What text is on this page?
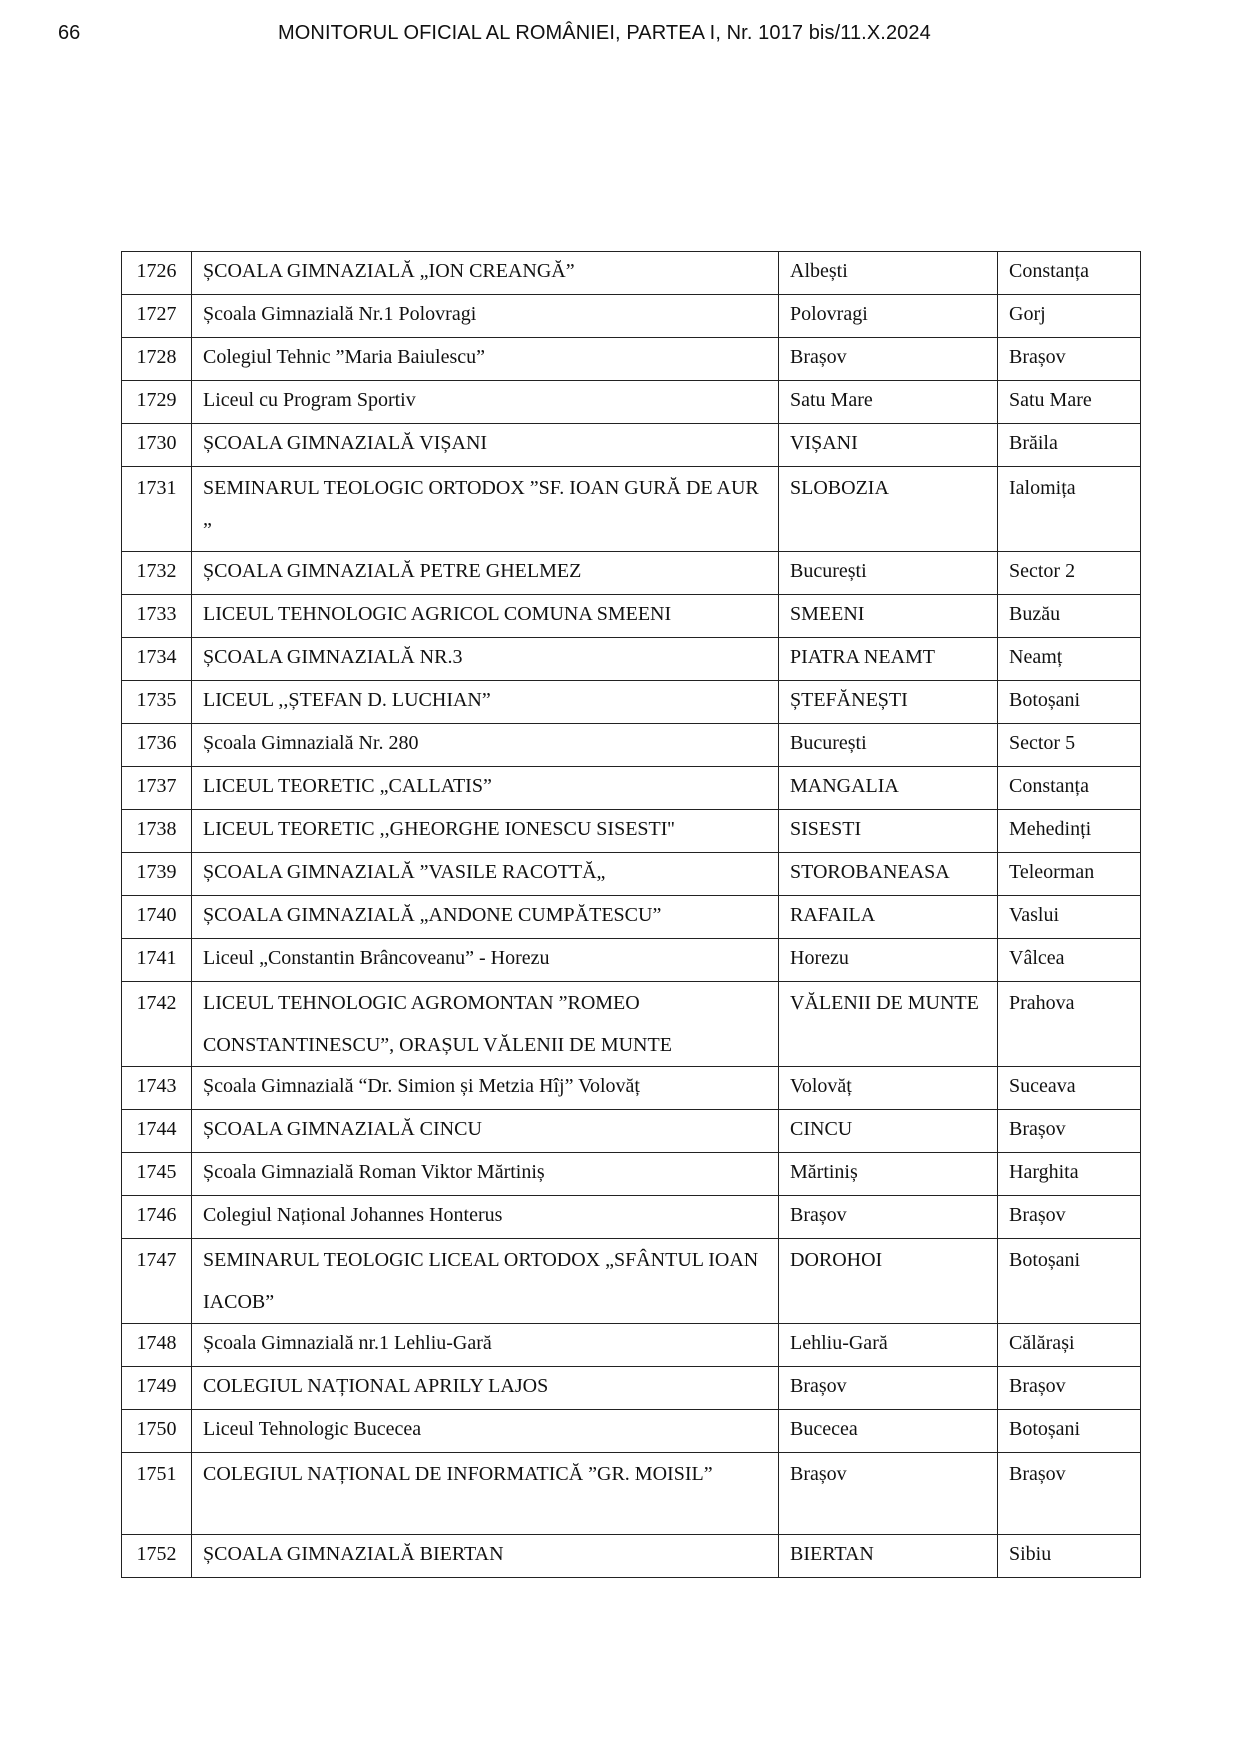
66	MONITORUL OFICIAL AL ROMÂNIEI, PARTEA I, Nr. 1017 bis/11.X.2024
1726	ȘCOALA GIMNAZIALĂ „ION CREANGĂ”	Albești	Constanța
1727	Școala Gimnazială Nr.1 Polovragi	Polovragi	Gorj
1728	Colegiul Tehnic ”Maria Baiulescu”	Brașov	Brașov
1729	Liceul cu Program Sportiv	Satu Mare	Satu Mare
1730	ȘCOALA GIMNAZIALĂ VIȘANI	VIȘANI	Brăila
1731	SEMINARUL TEOLOGIC ORTODOX ”SF. IOAN GURĂ DE AUR ”	SLOBOZIA	Ialomița
1732	ȘCOALA GIMNAZIALĂ PETRE GHELMEZ	București	Sector 2
1733	LICEUL TEHNOLOGIC AGRICOL COMUNA SMEENI	SMEENI	Buzău
1734	ȘCOALA GIMNAZIALĂ NR.3	PIATRA NEAMT	Neamț
1735	LICEUL ,,ȘTEFAN D. LUCHIAN”	ȘTEFĂNEȘTI	Botoșani
1736	Școala Gimnazială Nr. 280	București	Sector 5
1737	LICEUL TEORETIC „CALLATIS”	MANGALIA	Constanța
1738	LICEUL TEORETIC ,,GHEORGHE IONESCU SISESTI''	SISESTI	Mehedinți
1739	ȘCOALA GIMNAZIALĂ ”VASILE RACOTTĂ„	STOROBANEASA	Teleorman
1740	ȘCOALA GIMNAZIALĂ „ANDONE CUMPĂTESCU”	RAFAILA	Vaslui
1741	Liceul „Constantin Brâncoveanu” - Horezu	Horezu	Vâlcea
1742	LICEUL TEHNOLOGIC AGROMONTAN ”ROMEO CONSTANTINESCU”, ORAȘUL VĂLENII DE MUNTE	VĂLENII DE MUNTE	Prahova
1743	Școala Gimnazială “Dr. Simion și Metzia Hîj” Volovăț	Volovăț	Suceava
1744	ȘCOALA GIMNAZIALĂ CINCU	CINCU	Brașov
1745	Școala Gimnazială Roman Viktor Mărtiniș	Mărtiniș	Harghita
1746	Colegiul Național Johannes Honterus	Brașov	Brașov
1747	SEMINARUL TEOLOGIC LICEAL ORTODOX „SFÂNTUL IOAN IACOB”	DOROHOI	Botoșani
1748	Școala Gimnazială nr.1 Lehliu-Gară	Lehliu-Gară	Călărași
1749	COLEGIUL NAȚIONAL APRILY LAJOS	Brașov	Brașov
1750	Liceul Tehnologic Bucecea	Bucecea	Botoșani
1751	COLEGIUL NAȚIONAL DE INFORMATICĂ ”GR. MOISIL”	Brașov	Brașov
1752	ȘCOALA GIMNAZIALĂ BIERTAN	BIERTAN	Sibiu
